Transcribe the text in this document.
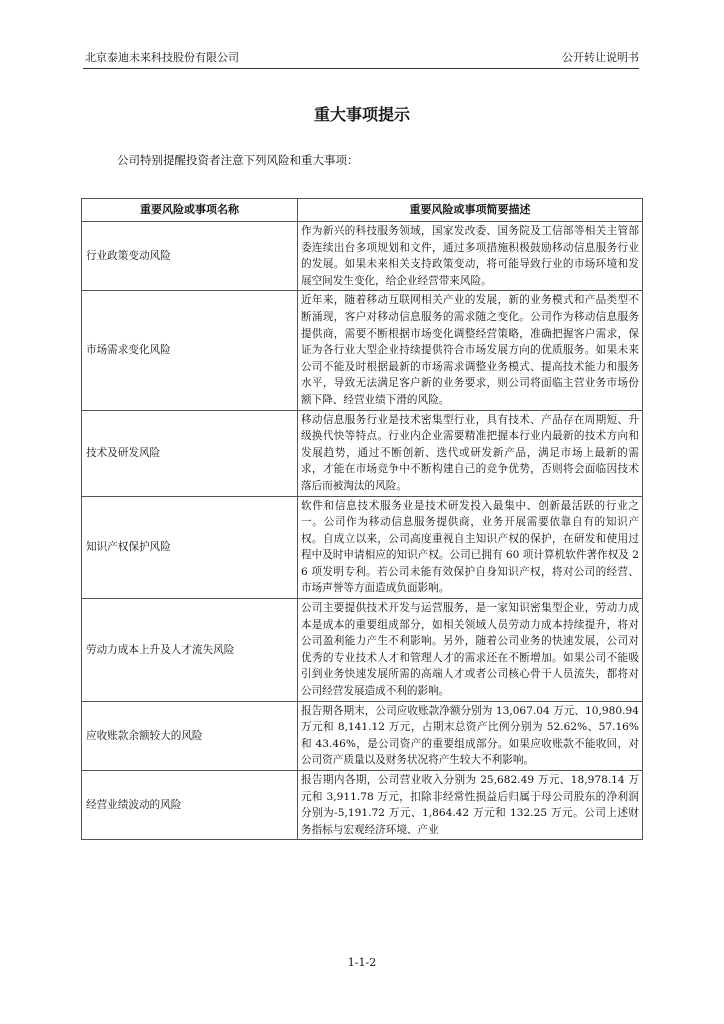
北京泰迪未来科技股份有限公司	公开转让说明书
重大事项提示
公司特别提醒投资者注意下列风险和重大事项：
重要风险或事项名称	重要风险或事项简要描述
行业政策变动风险	作为新兴的科技服务领域，国家发改委、国务院及工信部等相关主管部委连续出台多项规划和文件，通过多项措施积极鼓励移动信息服务行业的发展。如果未来相关支持政策变动，将可能导致行业的市场环境和发展空间发生变化，给企业经营带来风险。
市场需求变化风险	近年来，随着移动互联网相关产业的发展，新的业务模式和产品类型不断涌现，客户对移动信息服务的需求随之变化。公司作为移动信息服务提供商，需要不断根据市场变化调整经营策略，准确把握客户需求，保证为各行业大型企业持续提供符合市场发展方向的优质服务。如果未来公司不能及时根据最新的市场需求调整业务模式、提高技术能力和服务水平，导致无法满足客户新的业务要求，则公司将面临主营业务市场份额下降、经营业绩下滑的风险。
技术及研发风险	移动信息服务行业是技术密集型行业，具有技术、产品存在周期短、升级换代快等特点。行业内企业需要精准把握本行业内最新的技术方向和发展趋势，通过不断创新、迭代或研发新产品，满足市场上最新的需求，才能在市场竞争中不断构建自己的竞争优势，否则将会面临因技术落后而被淘汰的风险。
知识产权保护风险	软件和信息技术服务业是技术研发投入最集中、创新最活跃的行业之一。公司作为移动信息服务提供商，业务开展需要依靠自有的知识产权。自成立以来，公司高度重视自主知识产权的保护，在研发和使用过程中及时申请相应的知识产权。公司已拥有 60 项计算机软件著作权及 26 项发明专利。若公司未能有效保护自身知识产权，将对公司的经营、市场声誉等方面造成负面影响。
劳动力成本上升及人才流失风险	公司主要提供技术开发与运营服务，是一家知识密集型企业，劳动力成本是成本的重要组成部分，如相关领域人员劳动力成本持续提升，将对公司盈利能力产生不利影响。另外，随着公司业务的快速发展，公司对优秀的专业技术人才和管理人才的需求还在不断增加。如果公司不能吸引到业务快速发展所需的高端人才或者公司核心骨干人员流失，都将对公司经营发展造成不利的影响。
应收账款余额较大的风险	报告期各期末，公司应收账款净额分别为 13,067.04 万元、10,980.94 万元和 8,141.12 万元，占期末总资产比例分别为 52.62%、57.16%和 43.46%，是公司资产的重要组成部分。如果应收账款不能收回，对公司资产质量以及财务状况将产生较大不利影响。
经营业绩波动的风险	报告期内各期，公司营业收入分别为 25,682.49 万元、18,978.14 万元和 3,911.78 万元，扣除非经常性损益后归属于母公司股东的净利润分别为-5,191.72 万元、1,864.42 万元和 132.25 万元。公司上述财务指标与宏观经济环境、产业
1-1-2
